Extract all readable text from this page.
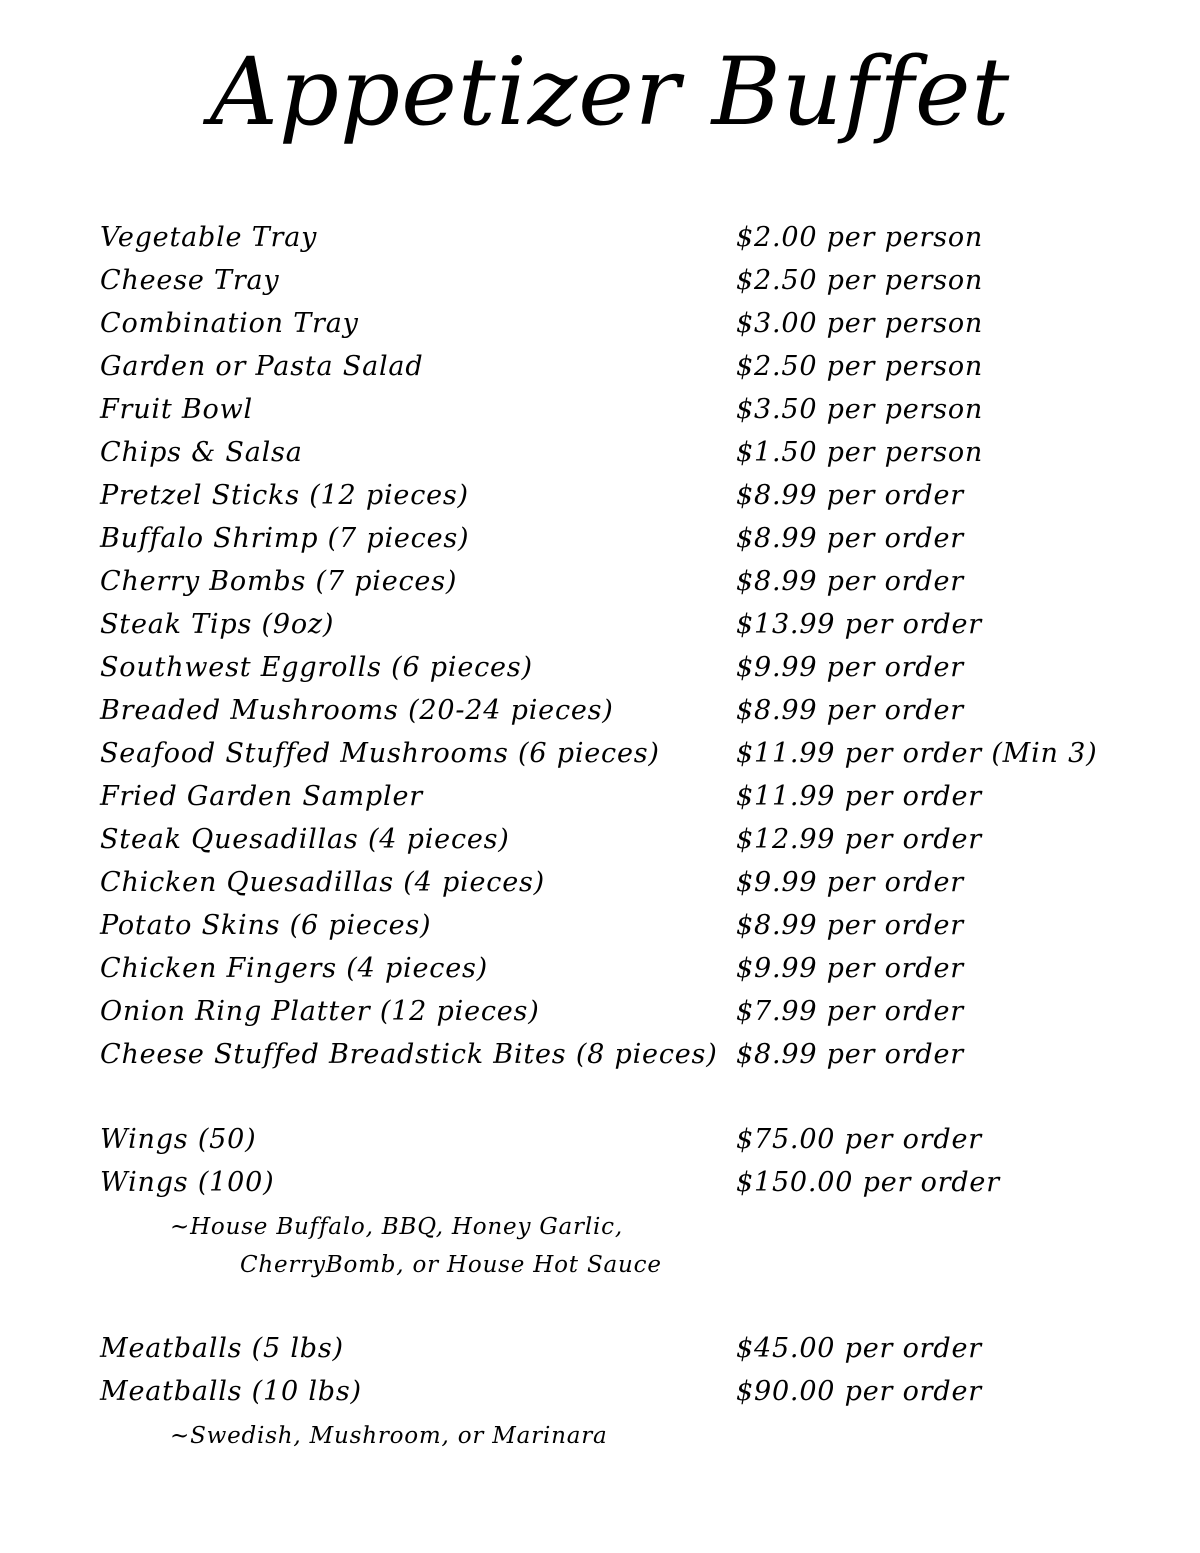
Appetizer Buffet
Vegetable Tray	$2.00 per person
Cheese Tray	$2.50 per person
Combination Tray	$3.00 per person
Garden or Pasta Salad	$2.50 per person
Fruit Bowl	$3.50 per person
Chips & Salsa	$1.50 per person
Pretzel Sticks (12 pieces)	$8.99 per order
Buffalo Shrimp (7 pieces)	$8.99 per order
Cherry Bombs (7 pieces)	$8.99 per order
Steak Tips (9oz)	$13.99 per order
Southwest Eggrolls (6 pieces)	$9.99 per order
Breaded Mushrooms (20-24 pieces)	$8.99 per order
Seafood Stuffed Mushrooms (6 pieces)	$11.99 per order (Min 3)
Fried Garden Sampler	$11.99 per order
Steak Quesadillas (4 pieces)	$12.99 per order
Chicken Quesadillas (4 pieces)	$9.99 per order
Potato Skins (6 pieces)	$8.99 per order
Chicken Fingers (4 pieces)	$9.99 per order
Onion Ring Platter (12 pieces)	$7.99 per order
Cheese Stuffed Breadstick Bites (8 pieces) $8.99 per order
Wings (50)	$75.00 per order
Wings (100)	$150.00 per order
~House Buffalo, BBQ, Honey Garlic,
CherryBomb, or House Hot Sauce
Meatballs (5 lbs)	$45.00 per order
Meatballs (10 lbs)	$90.00 per order
~Swedish, Mushroom, or Marinara
